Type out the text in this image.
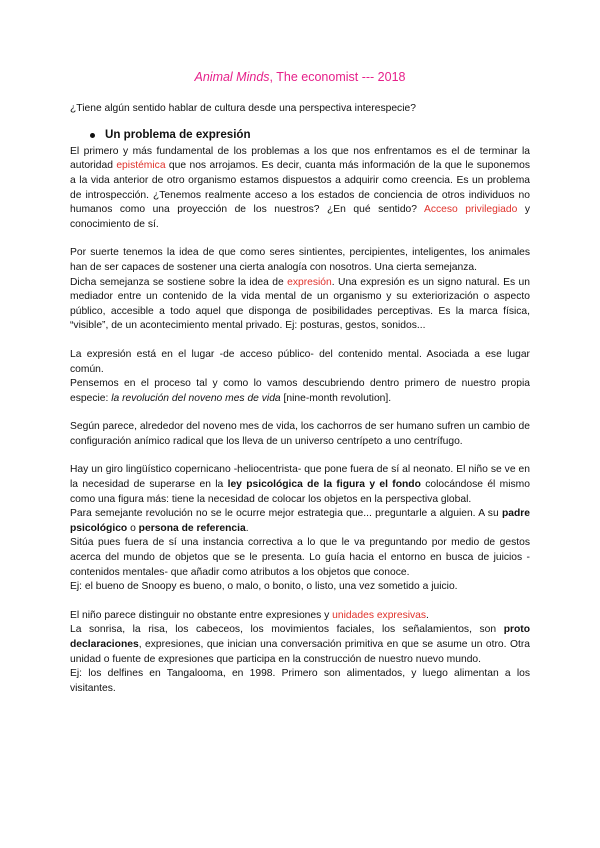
Animal Minds, The economist --- 2018

¿Tiene algún sentido hablar de cultura desde una perspectiva interespecie?

Un problema de expresión

El primero y más fundamental de los problemas a los que nos enfrentamos es el de terminar la autoridad epistémica que nos arrojamos. Es decir, cuanta más información de la que le suponemos a la vida anterior de otro organismo estamos dispuestos a adquirir como creencia. Es un problema de introspección. ¿Tenemos realmente acceso a los estados de conciencia de otros individuos no humanos como una proyección de los nuestros? ¿En qué sentido? Acceso privilegiado y conocimiento de sí.

Por suerte tenemos la idea de que como seres sintientes, percipientes, inteligentes, los animales han de ser capaces de sostener una cierta analogía con nosotros. Una cierta semejanza.

Dicha semejanza se sostiene sobre la idea de expresión. Una expresión es un signo natural. Es un mediador entre un contenido de la vida mental de un organismo y su exteriorización o aspecto público, accesible a todo aquel que disponga de posibilidades perceptivas. Es la marca física, “visible”, de un acontecimiento mental privado. Ej: posturas, gestos, sonidos...

La expresión está en el lugar -de acceso público- del contenido mental. Asociada a ese lugar común.

Pensemos en el proceso tal y como lo vamos descubriendo dentro primero de nuestro propia especie: la revolución del noveno mes de vida [nine-month revolution].

Según parece, alrededor del noveno mes de vida, los cachorros de ser humano sufren un cambio de configuración anímico radical que los lleva de un universo centrípeto a uno centrífugo.

Hay un giro lingüístico copernicano -heliocentrista- que pone fuera de sí al neonato. El niño se ve en la necesidad de superarse en la ley psicológica de la figura y el fondo colocándose él mismo como una figura más: tiene la necesidad de colocar los objetos en la perspectiva global.

Para semejante revolución no se le ocurre mejor estrategia que... preguntarle a alguien. A su padre psicológico o persona de referencia.

Sitúa pues fuera de sí una instancia correctiva a lo que le va preguntando por medio de gestos acerca del mundo de objetos que se le presenta. Lo guía hacia el entorno en busca de juicios -contenidos mentales- que añadir como atributos a los objetos que conoce.

Ej: el bueno de Snoopy es bueno, o malo, o bonito, o listo, una vez sometido a juicio.

El niño parece distinguir no obstante entre expresiones y unidades expresivas.

La sonrisa, la risa, los cabeceos, los movimientos faciales, los señalamientos, son proto declaraciones, expresiones, que inician una conversación primitiva en que se asume un otro. Otra unidad o fuente de expresiones que participa en la construcción de nuestro nuevo mundo.

Ej: los delfines en Tangalooma, en 1998. Primero son alimentados, y luego alimentan a los visitantes.
